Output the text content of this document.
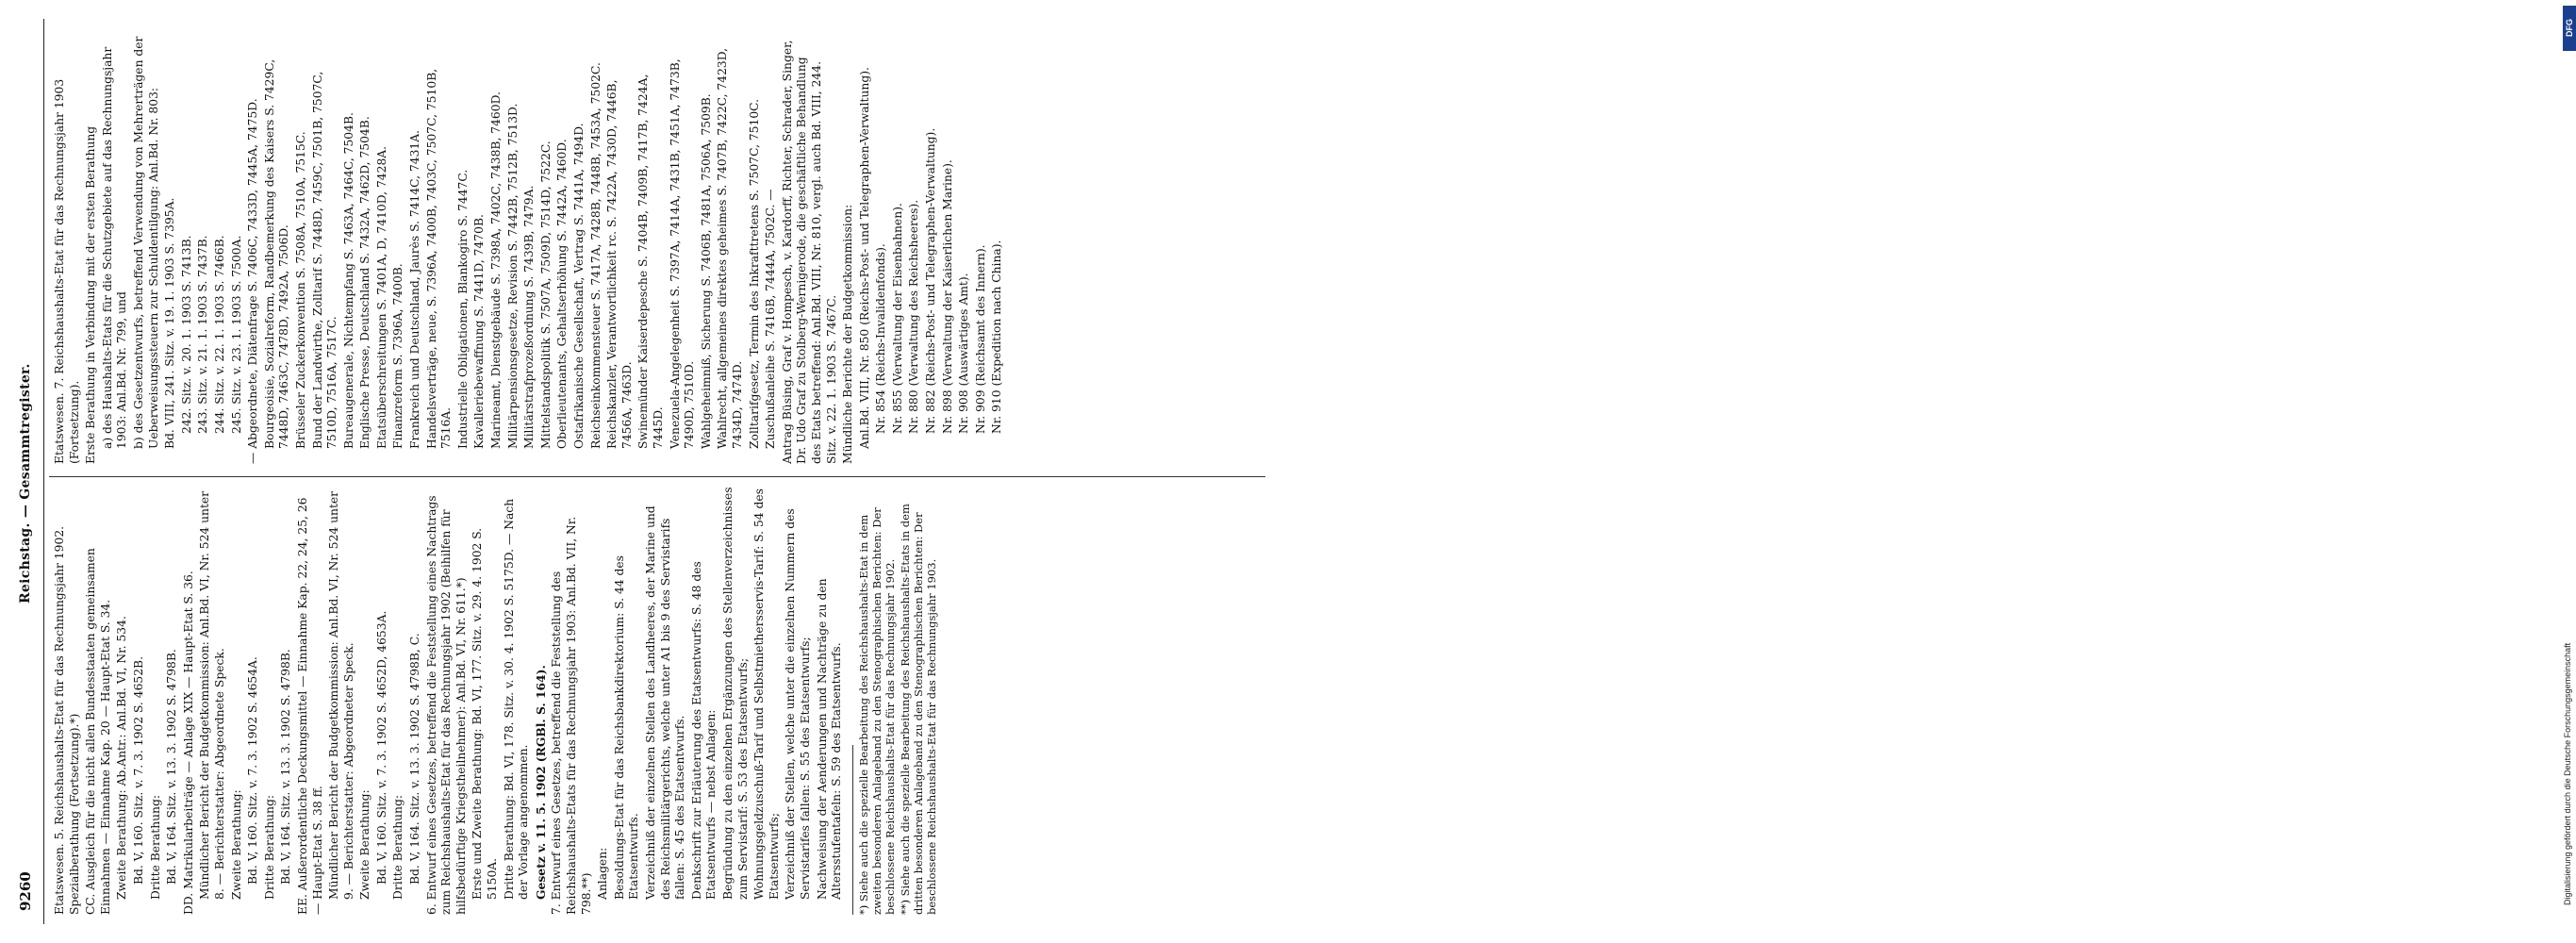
9260
Reichstag. — Gesammtregister.

Etatswesen. 5. Reichshaushalts-Etat für das Rechnungsjahr 1902. Spezialberathung (Fortsetzung).*) CC. Ausgleich für die nicht allen Bundesstaaten gemeinsamen Einnahmen — Einnahme Kap. 20 — Haupt-Etat S. 34. Zweite Berathung: Ab.Antr.: Anl.Bd. VI, Nr. 534. Bd. V, 160. Sitz. v. 7. 3. 1902 S. 4652B. Dritte Berathung: Bd. V, 164. Sitz. v. 13. 3. 1902 S. 4798B. DD. Matrikularbeiträge — Anlage XIX — Haupt-Etat S. 36. Mündlicher Bericht der Budgetkommission: Anl.Bd. VI, Nr. 524 unter 8. — Berichterstatter: Abgeordnete Speck. Zweite Berathung: Bd. V, 160. Sitz. v. 7. 3. 1902 S. 4654A. Dritte Berathung: Bd. V, 164. Sitz. v. 13. 3. 1902 S. 4798B. EE. Außerordentliche Deckungsmittel — Einnahme Kap. 22, 24, 25, 26 — Haupt-Etat S. 38 ff. Mündlicher Bericht der Budgetkommission: Anl.Bd. VI, Nr. 524 unter 9. — Berichterstatter: Abgeordneter Speck. Zweite Berathung: Bd. V, 160. Sitz. v. 7. 3. 1902 S. 4652D, 4653A. Dritte Berathung: Bd. V, 164. Sitz. v. 13. 3. 1902 S. 4798B, C. 6. Entwurf eines Gesetzes, betreffend die Feststellung eines Nachtrags zum Reichshaushalts-Etat für das Rechnungsjahr 1902 (Beihilfen für hilfsbedürftige Kriegstheilnehmer): Anl.Bd. VI, Nr. 611.*) Erste und Zweite Berathung: Bd. VI, 177. Sitz. v. 29. 4. 1902 S. 5150A. Dritte Berathung: Bd. VI, 178. Sitz. v. 30. 4. 1902 S. 5175D. — Nach der Vorlage angenommen. Gesetz v. 11. 5. 1902 (RGBl. S. 164). 7. Entwurf eines Gesetzes, betreffend die Feststellung des Reichshaushalts-Etats für das Rechnungsjahr 1903: Anl.Bd. VII, Nr. 798.**) Anlagen: Besoldungs-Etat für das Reichsbankdirektorium: S. 44 des Etatsentwurfs. Verzeichniß der einzelnen Stellen des Landheeres, der Marine und des Reichsmilitärgerichts, welche unter A1 bis 9 des Servistarifs fallen: S. 45 des Etatsentwurfs. Denkschrift zur Erläuterung des Etatsentwurfs: S. 48 des Etatsentwurfs — nebst Anlagen: Begründung zu den einzelnen Ergänzungen des Stellenverzeichnisses zum Servistarif: S. 53 des Etatsentwurfs; Wohnungsgeldzuschuß-Tarif und Selbstmiethersservis-Tarif: S. 54 des Etatsentwurfs; Verzeichniß der Stellen, welche unter die einzelnen Nummern des Servistarifes fallen: S. 55 des Etatsentwurfs; Nachweisung der Aenderungen und Nachträge zu den Altersstufentafeln: S. 59 des Etatsentwurfs. *) Siehe auch die spezielle Bearbeitung des Reichshaushalts-Etat in dem zweiten besonderen Anlageband zu den Stenographischen Berichten: Der beschlossene Reichshaushalts-Etat für das Rechnungsjahr 1902. **) Siehe auch die spezielle Bearbeitung des Reichshaushalts-Etats in dem dritten besonderen Anlageband zu den Stenographischen Berichten: Der beschlossene Reichshaushalts-Etat für das Rechnungsjahr 1903.

Etatswesen. 7. Reichshaushalts-Etat für das Rechnungsjahr 1903 (Fortsetzung). Erste Berathung in Verbindung mit der ersten Berathung a) des Haushalts-Etats für die Schutzgebiete auf das Rechnungsjahr 1903: Anl.Bd. Nr. 799, und b) des Gesetzentwurfs, betreffend Verwendung von Mehrerträgen der Ueberweisungssteuern zur Schuldentilgung: Anl.Bd. Nr. 803: Bd. VIII, 241. Sitz. v. 19. 1. 1903 S. 7395A. 242. Sitz. v. 20. 1. 1903 S. 7413B. 243. Sitz. v. 21. 1. 1903 S. 7437B. 244. Sitz. v. 22. 1. 1903 S. 7466B. 245. Sitz. v. 23. 1. 1903 S. 7500A. — Abgeordnete, Diätenfrage S. 7406C, 7433D, 7445A, 7475D. Bourgeoisie, Sozialreform, Randbemerkung des Kaisers S. 7429C, 7448D, 7463C, 7478D, 7492A, 7506D. Brüsseler Zuckerkonvention S. 7508A, 7510A, 7515C. Bund der Landwirthe, Zolltarif S. 7448D, 7459C, 7501B, 7507C, 7510D, 7516A, 7517C. Bureaugenerale, Nichtempfang S. 7463A, 7464C, 7504B. Englische Presse, Deutschland S. 7432A, 7462D, 7504B. Etatsüberschreitungen S. 7401A, D, 7410D, 7428A. Finanzreform S. 7396A, 7400B. Frankreich und Deutschland, Jaurès S. 7414C, 7431A. Handelsverträge, neue, S. 7396A, 7400B, 7403C, 7507C, 7510B, 7516A. Industrielle Obligationen, Blankogiro S. 7447C. Kavalleriebewaffnung S. 7441D, 7470B. Marineamt, Dienstgebäude S. 7398A, 7402C, 7438B, 7460D. Militärpensionsgesetze, Revision S. 7442B, 7512B, 7513D. Militärstrafprozeßordnung S. 7439B, 7479A. Mittelstandspolitik S. 7507A, 7509D, 7514D, 7522C. Oberlieutenants, Gehaltserhöhung S. 7442A, 7460D. Ostafrikanische Gesellschaft, Vertrag S. 7441A, 7494D. Reichseinkommensteuer S. 7417A, 7428B, 7448B, 7453A, 7502C. Reichskanzler, Verantwortlichkeit rc. S. 7422A, 7430D, 7446B, 7456A, 7463D. Swinemünder Kaiserdepesche S. 7404B, 7409B, 7417B, 7424A, 7445D. Venezuela-Angelegenheit S. 7397A, 7414A, 7431B, 7451A, 7473B, 7490D, 7510D. Wahlgeheimniß, Sicherung S. 7406B, 7481A, 7506A, 7509B. Wahlrecht, allgemeines direktes geheimes S. 7407B, 7422C, 7423D, 7434D, 7474D. Zolltarifgesetz, Termin des Inkrafttretens S. 7507C, 7510C. Zuschußanleihe S. 7416B, 7444A, 7502C. — Antrag Büsing, Graf v. Hompesch, v. Kardorff, Richter, Schrader, Singer, Dr. Udo Graf zu Stolberg-Wernigerode, die geschäftliche Behandlung des Etats betreffend: Anl.Bd. VIII, Nr. 810, vergl. auch Bd. VIII, 244. Sitz. v. 22. 1. 1903 S. 7467C. Mündliche Berichte der Budgetkommission: Anl.Bd. VIII, Nr. 850 (Reichs-Post- und Telegraphen-Verwaltung). Nr. 854 (Reichs-Invalidenfonds). Nr. 855 (Verwaltung der Eisenbahnen). Nr. 880 (Verwaltung des Reichsheeres). Nr. 882 (Reichs-Post- und Telegraphen-Verwaltung). Nr. 898 (Verwaltung der Kaiserlichen Marine). Nr. 908 (Auswärtiges Amt). Nr. 909 (Reichsamt des Innern). Nr. 910 (Expedition nach China).

DFG
Digitalisierung gefördert durch die Deutsche Forschungsgemeinschaft
